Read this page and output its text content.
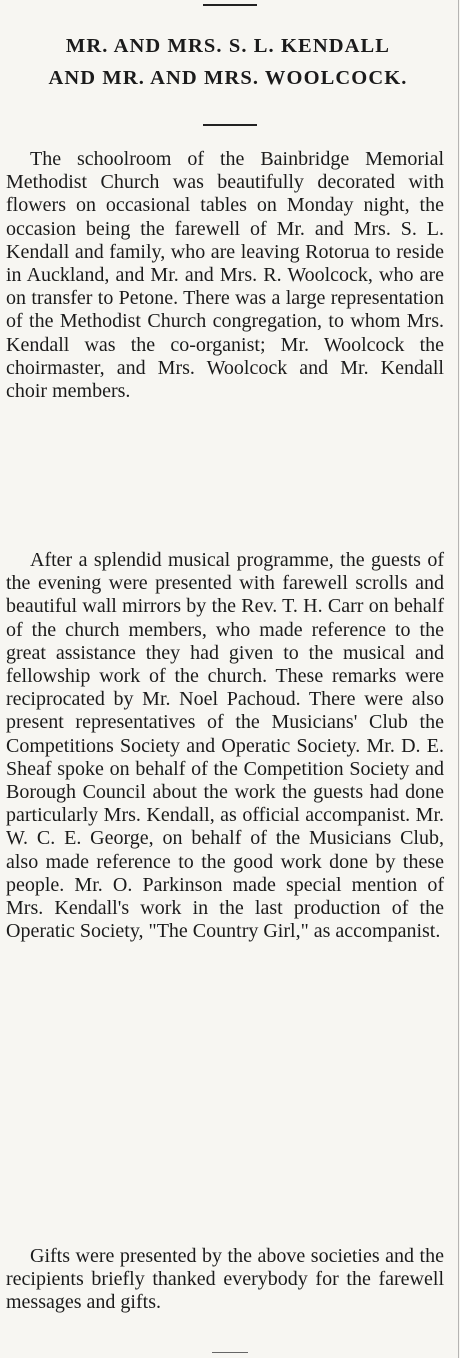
MR. AND MRS. S. L. KENDALL
AND MR. AND MRS. WOOLCOCK.

The schoolroom of the Bainbridge Memorial Methodist Church was beautifully decorated with flowers on occasional tables on Monday night, the occasion being the farewell of Mr. and Mrs. S. L. Kendall and family, who are leaving Rotorua to reside in Auckland, and Mr. and Mrs. R. Woolcock, who are on transfer to Petone. There was a large representation of the Methodist Church congregation, to whom Mrs. Kendall was the co-organist; Mr. Woolcock the choirmaster, and Mrs. Woolcock and Mr. Kendall choir members.

After a splendid musical programme, the guests of the evening were presented with farewell scrolls and beautiful wall mirrors by the Rev. T. H. Carr on behalf of the church members, who made reference to the great assistance they had given to the musical and fellowship work of the church. These remarks were reciprocated by Mr. Noel Pachoud. There were also present representatives of the Musicians' Club the Competitions Society and Operatic Society. Mr. D. E. Sheaf spoke on behalf of the Competition Society and Borough Council about the work the guests had done particularly Mrs. Kendall, as official accompanist. Mr. W. C. E. George, on behalf of the Musicians Club, also made reference to the good work done by these people. Mr. O. Parkinson made special mention of Mrs. Kendall's work in the last production of the Operatic Society, "The Country Girl," as accompanist.

Gifts were presented by the above societies and the recipients briefly thanked everybody for the farewell messages and gifts.
